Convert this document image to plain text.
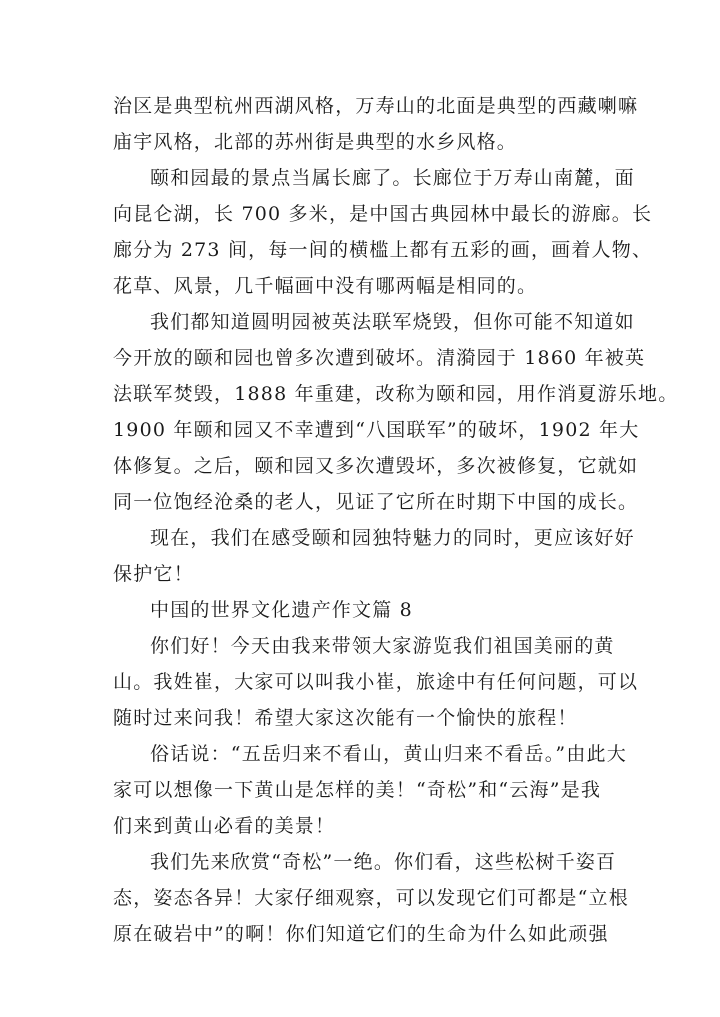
治区是典型杭州西湖风格，万寿山的北面是典型的西藏喇嘛
庙宇风格，北部的苏州街是典型的水乡风格。
颐和园最的景点当属长廊了。长廊位于万寿山南麓，面
向昆仑湖，长 700 多米，是中国古典园林中最长的游廊。长
廊分为 273 间，每一间的横槛上都有五彩的画，画着人物、
花草、风景，几千幅画中没有哪两幅是相同的。
我们都知道圆明园被英法联军烧毁，但你可能不知道如
今开放的颐和园也曾多次遭到破坏。清漪园于 1860 年被英
法联军焚毁，1888 年重建，改称为颐和园，用作消夏游乐地。
1900 年颐和园又不幸遭到“八国联军”的破坏，1902 年大
体修复。之后，颐和园又多次遭毁坏，多次被修复，它就如
同一位饱经沧桑的老人，见证了它所在时期下中国的成长。
现在，我们在感受颐和园独特魅力的同时，更应该好好
保护它！
中国的世界文化遗产作文篇 8
你们好！今天由我来带领大家游览我们祖国美丽的黄
山。我姓崔，大家可以叫我小崔，旅途中有任何问题，可以
随时过来问我！希望大家这次能有一个愉快的旅程！
俗话说：“五岳归来不看山，黄山归来不看岳。”由此大
家可以想像一下黄山是怎样的美！“奇松”和“云海”是我
们来到黄山必看的美景！
我们先来欣赏“奇松”一绝。你们看，这些松树千姿百
态，姿态各异！大家仔细观察，可以发现它们可都是“立根
原在破岩中”的啊！你们知道它们的生命为什么如此顽强
